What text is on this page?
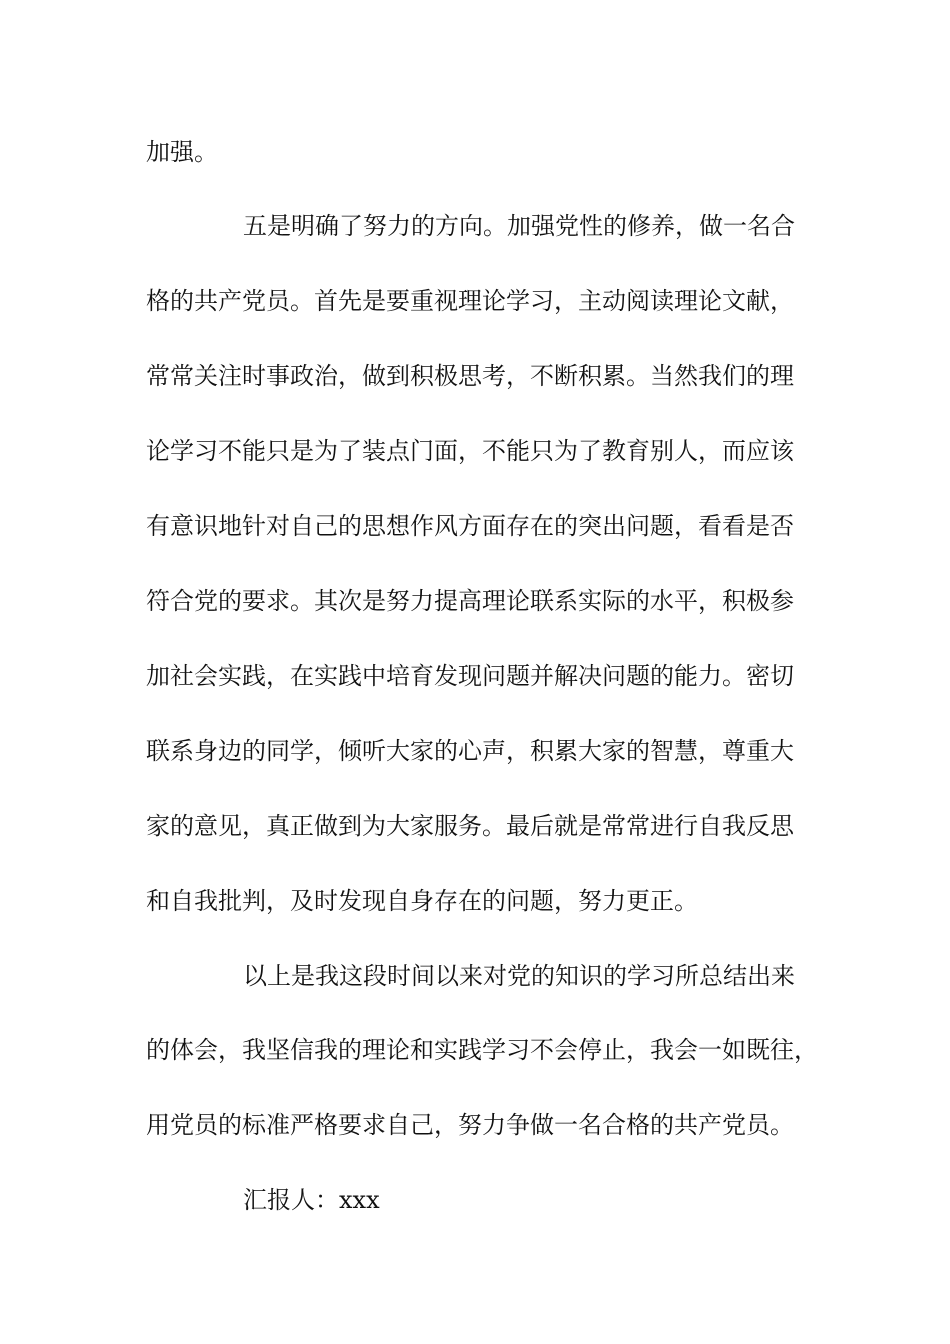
加强。

五是明确了努力的方向。加强党性的修养，做一名合

格的共产党员。首先是要重视理论学习，主动阅读理论文献，

常常关注时事政治，做到积极思考，不断积累。当然我们的理

论学习不能只是为了装点门面，不能只为了教育别人，而应该

有意识地针对自己的思想作风方面存在的突出问题，看看是否

符合党的要求。其次是努力提高理论联系实际的水平，积极参

加社会实践，在实践中培育发现问题并解决问题的能力。密切

联系身边的同学，倾听大家的心声，积累大家的智慧，尊重大

家的意见，真正做到为大家服务。最后就是常常进行自我反思

和自我批判，及时发现自身存在的问题，努力更正。

以上是我这段时间以来对党的知识的学习所总结出来

的体会，我坚信我的理论和实践学习不会停止，我会一如既往，

用党员的标准严格要求自己，努力争做一名合格的共产党员。

汇报人：xxx
